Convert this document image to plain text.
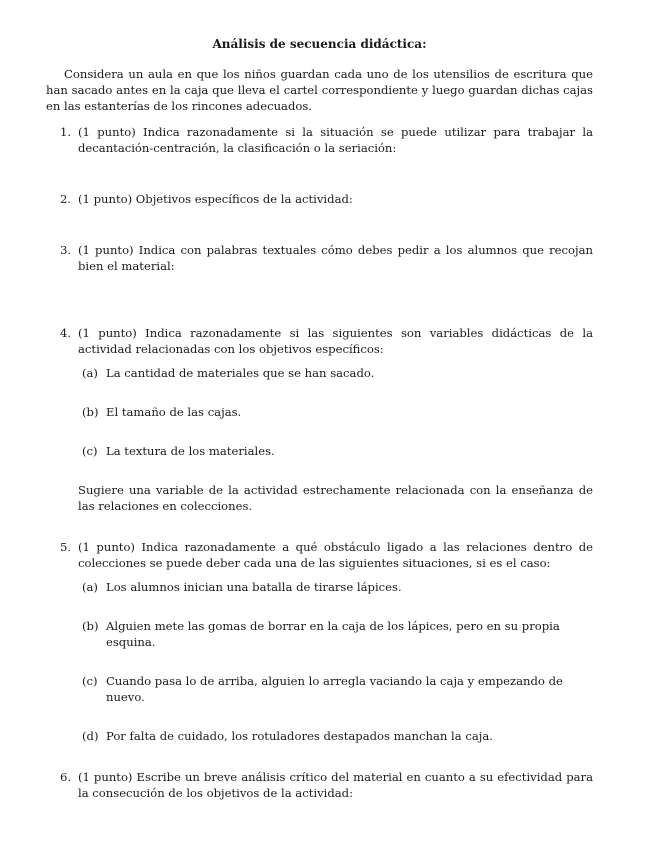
Análisis de secuencia didáctica:

Considera un aula en que los niños guardan cada uno de los utensilios de escritura que han sacado antes en la caja que lleva el cartel correspondiente y luego guardan dichas cajas en las estanterías de los rincones adecuados.

1. (1 punto) Indica razonadamente si la situación se puede utilizar para trabajar la decantación-centración, la clasificación o la seriación:
2. (1 punto) Objetivos específicos de la actividad:
3. (1 punto) Indica con palabras textuales cómo debes pedir a los alumnos que recojan bien el material:
4. (1 punto) Indica razonadamente si las siguientes son variables didácticas de la actividad relacionadas con los objetivos específicos:
(a) La cantidad de materiales que se han sacado.
(b) El tamaño de las cajas.
(c) La textura de los materiales.

Sugiere una variable de la actividad estrechamente relacionada con la enseñanza de las relaciones en colecciones.

5. (1 punto) Indica razonadamente a qué obstáculo ligado a las relaciones dentro de colecciones se puede deber cada una de las siguientes situaciones, si es el caso:
(a) Los alumnos inician una batalla de tirarse lápices.
(b) Alguien mete las gomas de borrar en la caja de los lápices, pero en su propia esquina.
(c) Cuando pasa lo de arriba, alguien lo arregla vaciando la caja y empezando de nuevo.
(d) Por falta de cuidado, los rotuladores destapados manchan la caja.
6. (1 punto) Escribe un breve análisis crítico del material en cuanto a su efectividad para la consecución de los objetivos de la actividad:
